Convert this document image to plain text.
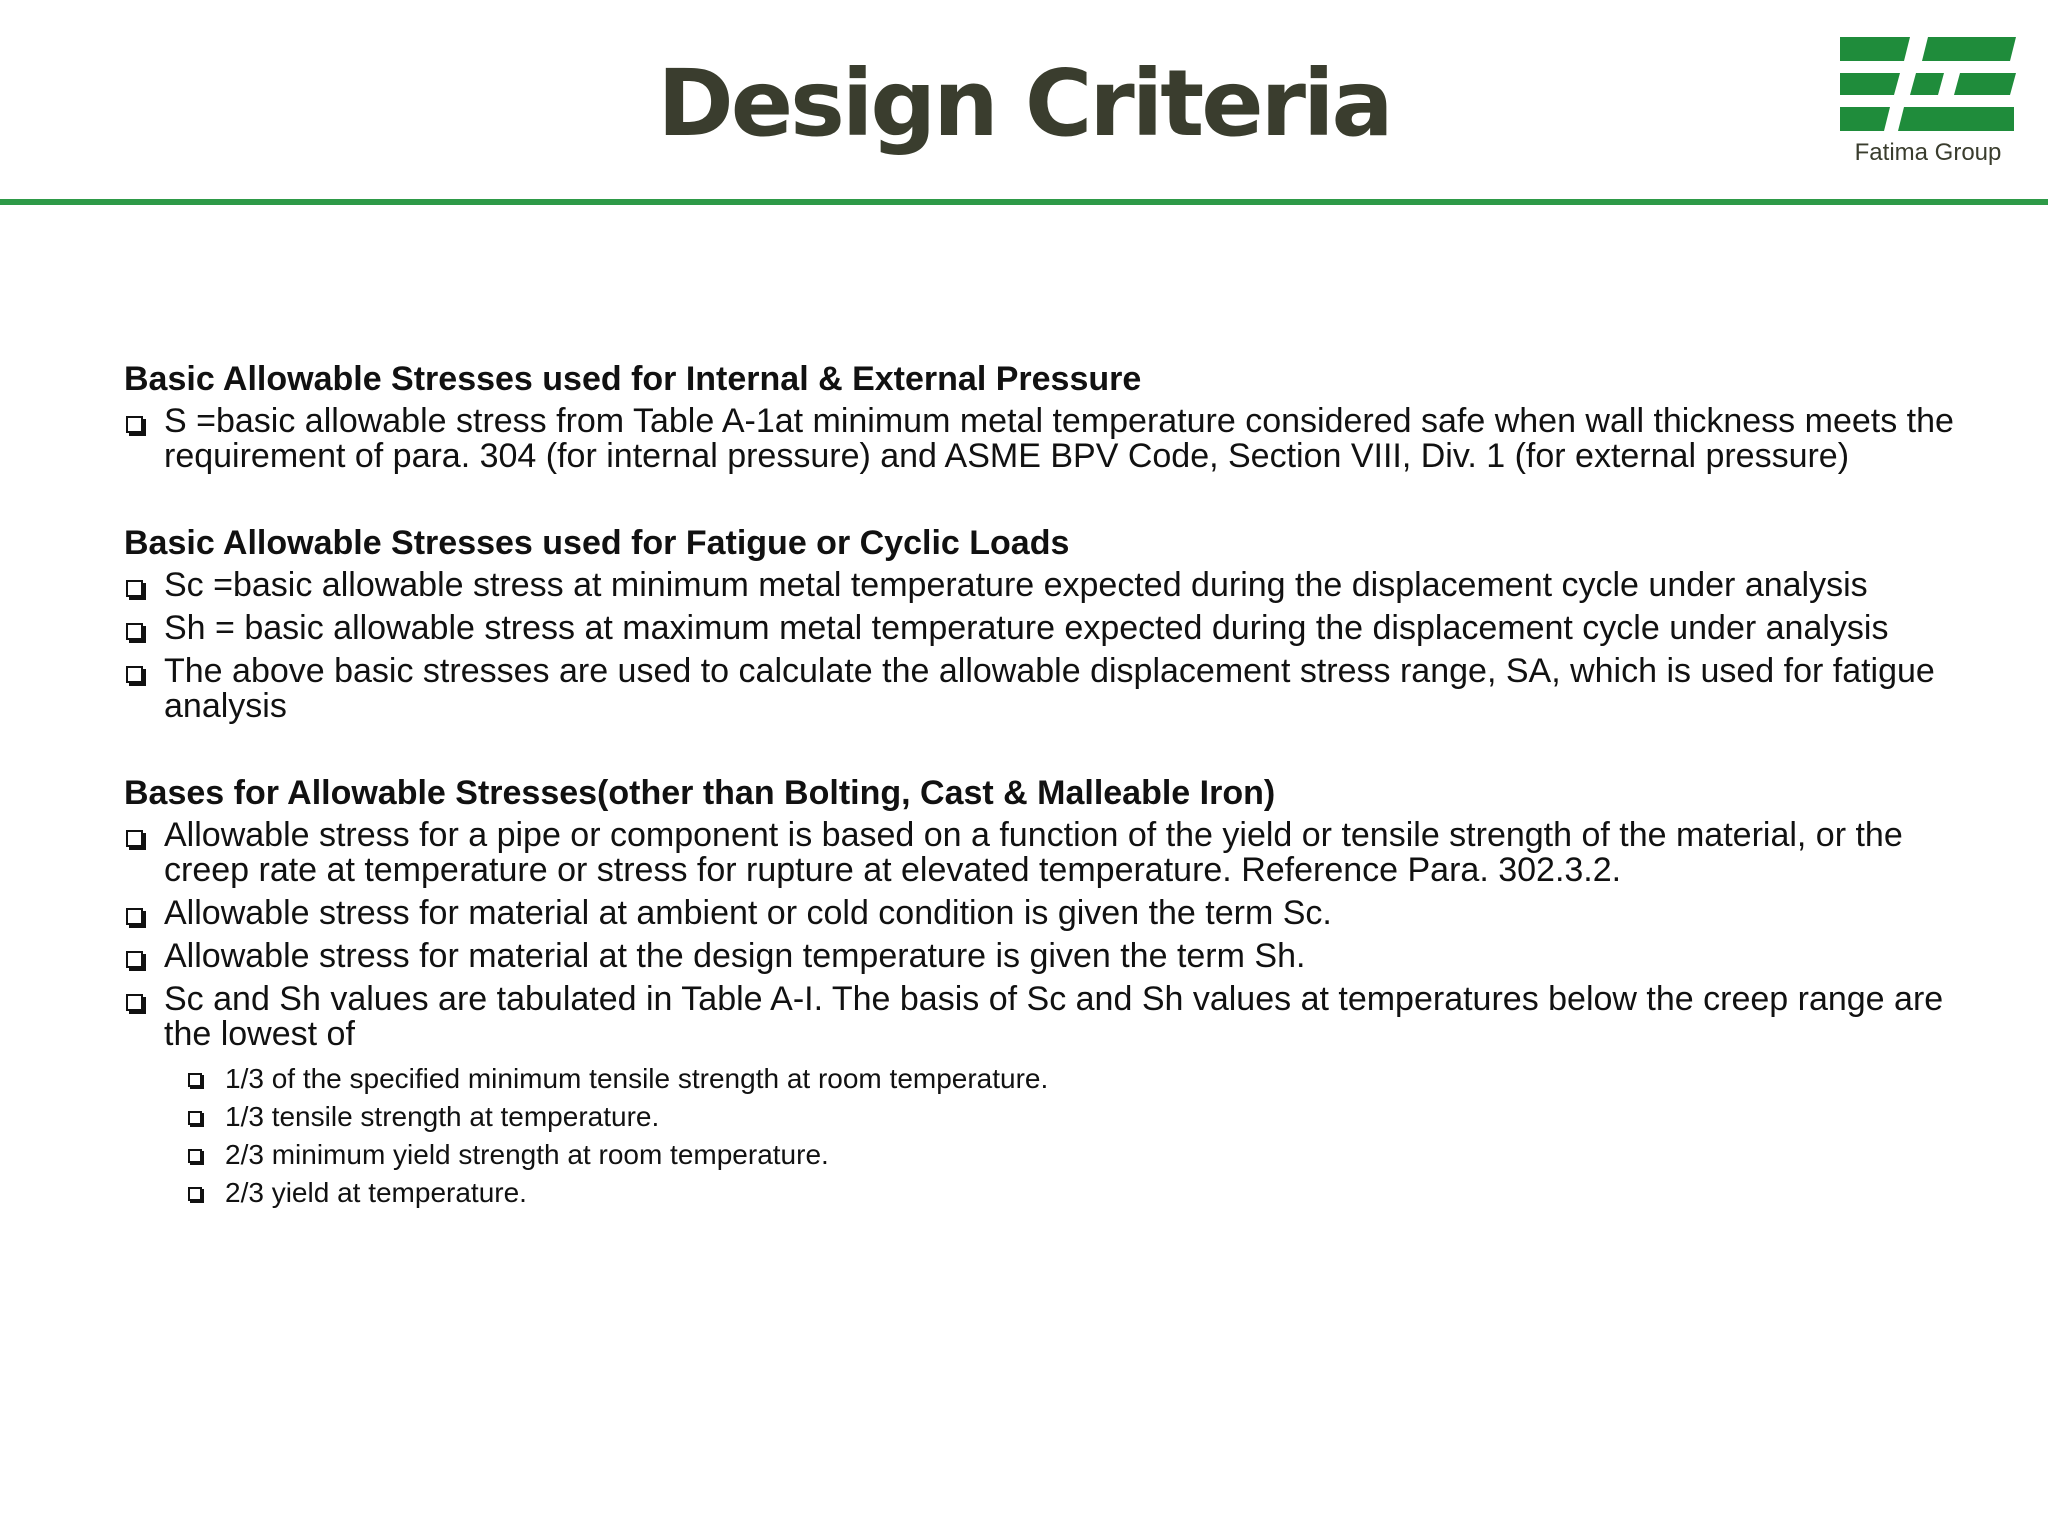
Design Criteria	Fatima Group
Basic Allowable Stresses used for Internal & External Pressure
S =basic allowable stress from Table A-1at minimum metal temperature considered safe when wall thickness meets the requirement of para. 304 (for internal pressure) and ASME BPV Code, Section VIII, Div. 1 (for external pressure)
Basic Allowable Stresses used for Fatigue or Cyclic Loads
Sc =basic allowable stress at minimum metal temperature expected during the displacement cycle under analysis
Sh = basic allowable stress at maximum metal temperature expected during the displacement cycle under analysis
The above basic stresses are used to calculate the allowable displacement stress range, SA, which is used for fatigue analysis
Bases for Allowable Stresses(other than Bolting, Cast & Malleable Iron)
Allowable stress for a pipe or component is based on a function of the yield or tensile strength of the material, or the creep rate at temperature or stress for rupture at elevated temperature. Reference Para. 302.3.2.
Allowable stress for material at ambient or cold condition is given the term Sc.
Allowable stress for material at the design temperature is given the term Sh.
Sc and Sh values are tabulated in Table A-I. The basis of Sc and Sh values at temperatures below the creep range are the lowest of
1/3 of the specified minimum tensile strength at room temperature.
1/3 tensile strength at temperature.
2/3 minimum yield strength at room temperature.
2/3 yield at temperature.
